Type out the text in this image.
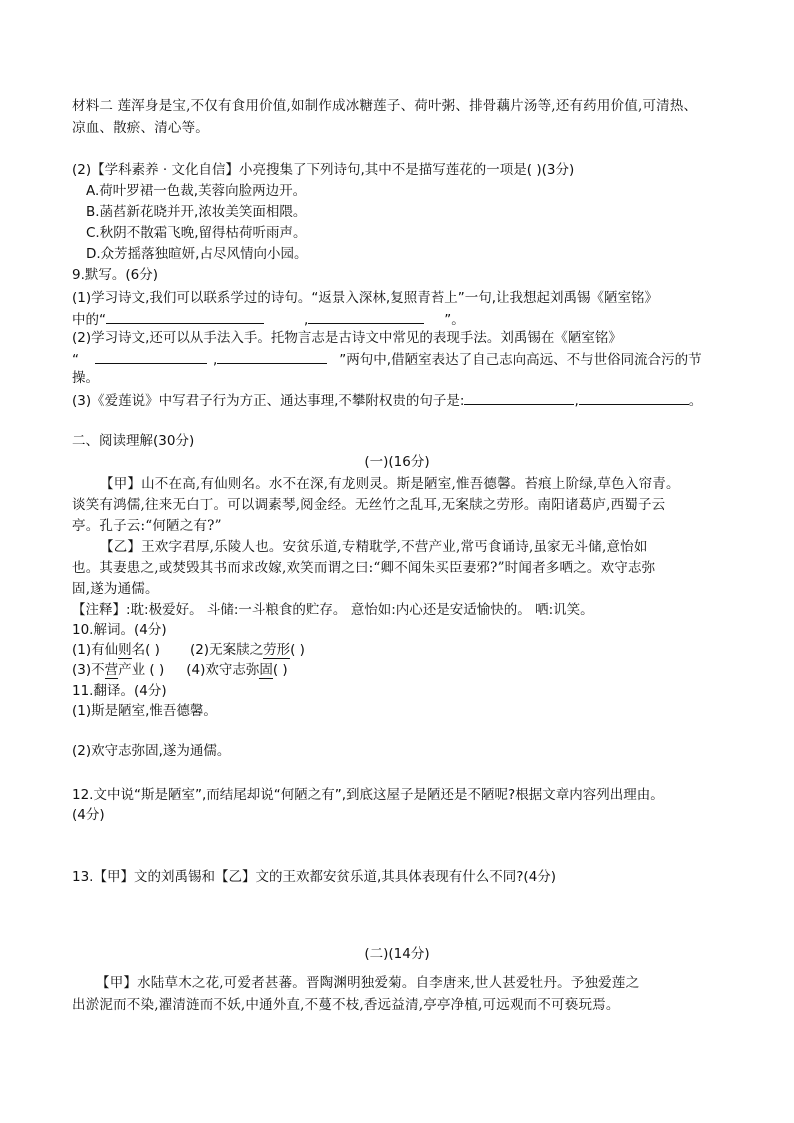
材料二 莲浑身是宝,不仅有食用价值,如制作成冰糖莲子、荷叶粥、排骨藕片汤等,还有药用价值,可清热、
凉血、散瘀、清心等。
(2)【学科素养 · 文化自信】小亮搜集了下列诗句,其中不是描写莲花的一项是( )(3分)
A.荷叶罗裙一色裁,芙蓉向脸两边开。
B.菡萏新花晓并开,浓妆美笑面相隈。
C.秋阴不散霜飞晚,留得枯荷听雨声。
D.众芳摇落独暄妍,占尽风情向小园。
9.默写。(6分)
(1)学习诗文,我们可以联系学过的诗句。“返景入深林,复照青苔上”一句,让我想起刘禹锡《陋室铭》
中的“	,	”。
(2)学习诗文,还可以从手法入手。托物言志是古诗文中常见的表现手法。刘禹锡在《陋室铭》
“	,	”两句中,借陋室表达了自己志向高远、不与世俗同流合污的节
操。
(3)《爱莲说》中写君子行为方正、通达事理,不攀附权贵的句子是:	,	。
二、阅读理解(30分)
(一)(16分)
【甲】山不在高,有仙则名。水不在深,有龙则灵。斯是陋室,惟吾德馨。苔痕上阶绿,草色入帘青。
谈笑有鸿儒,往来无白丁。可以调素琴,阅金经。无丝竹之乱耳,无案牍之劳形。南阳诸葛庐,西蜀子云
亭。孔子云:“何陋之有?”
【乙】王欢字君厚,乐陵人也。安贫乐道,专精耽学,不营产业,常丐食诵诗,虽家无斗储,意怡如
也。其妻患之,或焚毁其书而求改嫁,欢笑而谓之曰:“卿不闻朱买臣妻邪?”时闻者多哂之。欢守志弥
固,遂为通儒。
【注释】:耽:极爱好。 斗储:一斗粮食的贮存。 意怡如:内心还是安适愉快的。 哂:讥笑。
10.解词。(4分)
(1)有仙则名( ) (2)无案牍之劳形( )
(3)不营产业 ( ) (4)欢守志弥固( )
11.翻译。(4分)
(1)斯是陋室,惟吾德馨。
(2)欢守志弥固,遂为通儒。
12.文中说“斯是陋室”,而结尾却说“何陋之有”,到底这屋子是陋还是不陋呢?根据文章内容列出理由。
(4分)
13.【甲】文的刘禹锡和【乙】文的王欢都安贫乐道,其具体表现有什么不同?(4分)
(二)(14分)
【甲】水陆草木之花,可爱者甚蕃。晋陶渊明独爱菊。自李唐来,世人甚爱牡丹。予独爱莲之
出淤泥而不染,濯清涟而不妖,中通外直,不蔓不枝,香远益清,亭亭净植,可远观而不可亵玩焉。
